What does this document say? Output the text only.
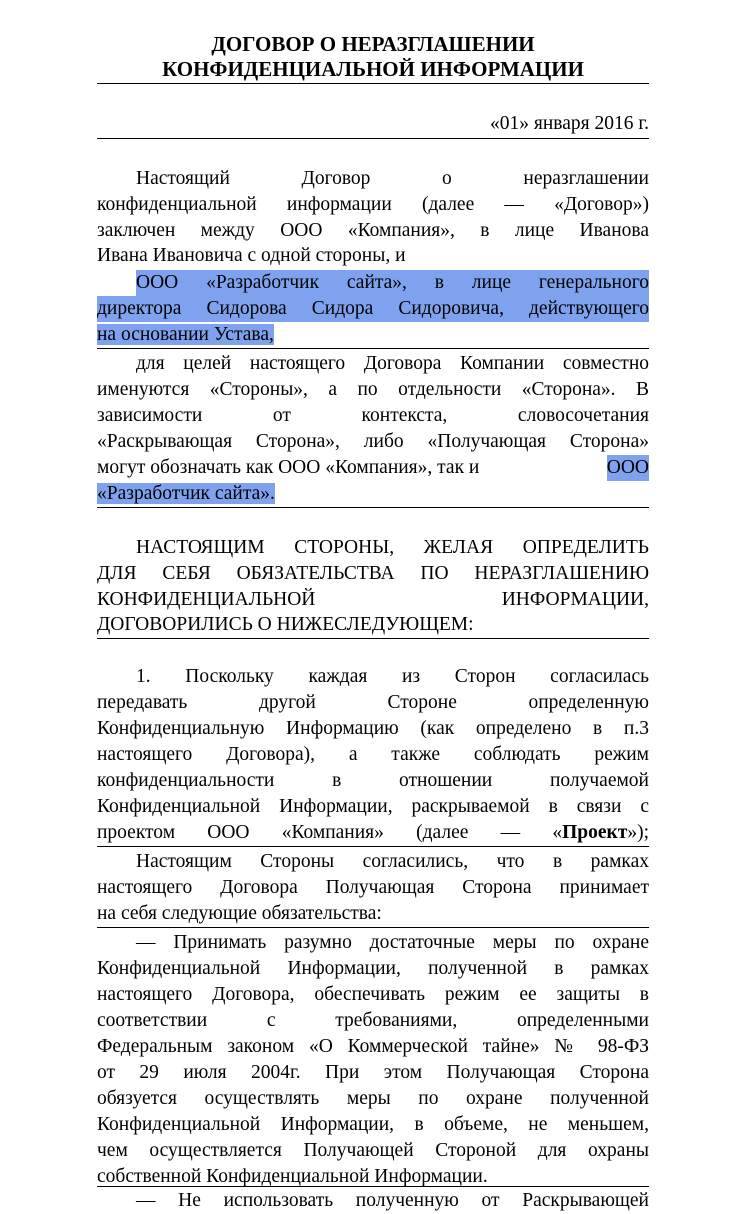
ДОГОВОР О НЕРАЗГЛАШЕНИИ
КОНФИДЕНЦИАЛЬНОЙ ИНФОРМАЦИИ
«01» января 2016 г.
Настоящий Договор о неразглашении
конфиденциальной информации (далее — «Договор»)
заключен между ООО «Компания», в лице Иванова
Ивана Ивановича с одной стороны, и
ООО «Разработчик сайта», в лице генерального
директора Сидорова Сидора Сидоровича, действующего
на основании Устава,
для целей настоящего Договора Компании совместно
именуются «Стороны», а по отдельности «Сторона». В
зависимости от контекста, словосочетания
«Раскрывающая Сторона», либо «Получающая Сторона»
могут обозначать как ООО «Компания», так и	ООО
«Разработчик сайта».
НАСТОЯЩИМ СТОРОНЫ, ЖЕЛАЯ ОПРЕДЕЛИТЬ
ДЛЯ СЕБЯ ОБЯЗАТЕЛЬСТВА ПО НЕРАЗГЛАШЕНИЮ
КОНФИДЕНЦИАЛЬНОЙ ИНФОРМАЦИИ,
ДОГОВОРИЛИСЬ О НИЖЕСЛЕДУЮЩЕМ:
1. Поскольку каждая из Сторон согласилась
передавать другой Стороне определенную
Конфиденциальную Информацию (как определено в п.3
настоящего Договора), а также соблюдать режим
конфиденциальности в отношении получаемой
Конфиденциальной Информации, раскрываемой в связи с
проектом ООО «Компания» (далее — «Проект»);
Настоящим Стороны согласились, что в рамках
настоящего Договора Получающая Сторона принимает
на себя следующие обязательства:
— Принимать разумно достаточные меры по охране
Конфиденциальной Информации, полученной в рамках
настоящего Договора, обеспечивать режим ее защиты в
соответствии с требованиями, определенными
Федеральным законом «О Коммерческой тайне» № 98-ФЗ
от 29 июля 2004г. При этом Получающая Сторона
обязуется осуществлять меры по охране полученной
Конфиденциальной Информации, в объеме, не меньшем,
чем осуществляется Получающей Стороной для охраны
собственной Конфиденциальной Информации.
— Не использовать полученную от Раскрывающей
